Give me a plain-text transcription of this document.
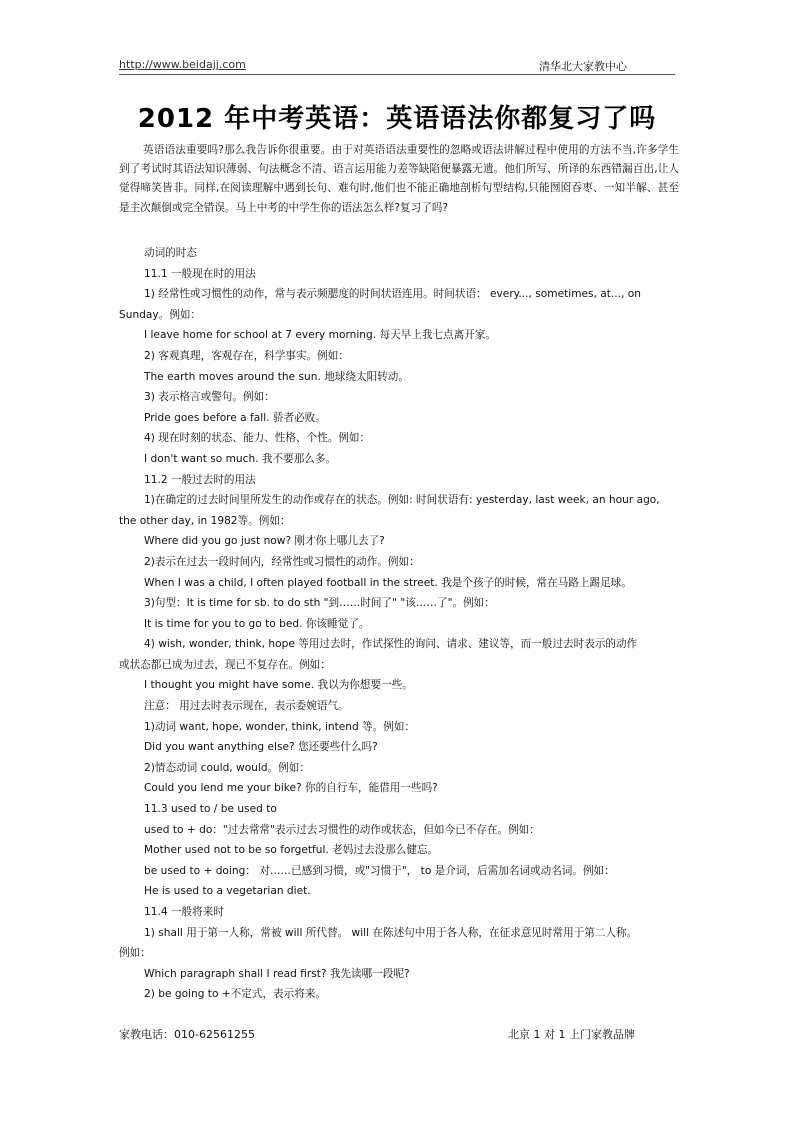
http://www.beidajj.com	清华北大家教中心
2012 年中考英语：英语语法你都复习了吗

英语语法重要吗?那么我告诉你很重要。由于对英语语法重要性的忽略或语法讲解过程中使用的方法不当,许多学生到了考试时其语法知识薄弱、句法概念不清、语言运用能力差等缺陷便暴露无遗。他们所写、所译的东西错漏百出,让人觉得啼笑皆非。同样,在阅读理解中遇到长句、难句时,他们也不能正确地剖析句型结构,只能囫囵吞枣、一知半解、甚至是主次颠倒或完全错误。马上中考的中学生你的语法怎么样?复习了吗?

动词的时态
11.1 一般现在时的用法
1) 经常性或习惯性的动作，常与表示频腮度的时间状语连用。时间状语： every..., sometimes, at..., on
Sunday。例如：
I leave home for school at 7 every morning. 每天早上我七点离开家。
2) 客观真理，客观存在，科学事实。例如：
The earth moves around the sun. 地球绕太阳转动。
3) 表示格言或警句。例如：
Pride goes before a fall. 骄者必败。
4) 现在时刻的状态、能力、性格、个性。例如：
I don't want so much. 我不要那么多。
11.2 一般过去时的用法
1)在确定的过去时间里所发生的动作或存在的状态。例如: 时间状语有: yesterday, last week, an hour ago,
the other day, in 1982等。例如：
Where did you go just now? 刚才你上哪儿去了?
2)表示在过去一段时间内，经常性或习惯性的动作。例如：
When I was a child, I often played football in the street. 我是个孩子的时候，常在马路上踢足球。
3)句型：It is time for sb. to do sth "到……时间了" "该……了"。例如：
It is time for you to go to bed. 你该睡觉了。
4) wish, wonder, think, hope 等用过去时，作试探性的询问、请求、建议等，而一般过去时表示的动作
或状态都已成为过去，现已不复存在。例如：
I thought you might have some. 我以为你想要一些。
注意： 用过去时表示现在，表示委婉语气。
1)动词 want, hope, wonder, think, intend 等。例如：
Did you want anything else? 您还要些什么吗?
2)情态动词 could, would。例如：
Could you lend me your bike? 你的自行车，能借用一些吗?
11.3 used to / be used to
used to + do："过去常常"表示过去习惯性的动作或状态，但如今已不存在。例如：
Mother used not to be so forgetful. 老妈过去没那么健忘。
be used to + doing： 对……已感到习惯，或"习惯于"， to 是介词，后需加名词或动名词。例如：
He is used to a vegetarian diet.
11.4 一般将来时
1) shall 用于第一人称，常被 will 所代替。 will 在陈述句中用于各人称，在征求意见时常用于第二人称。
例如：
Which paragraph shall I read first? 我先读哪一段呢?
2) be going to +不定式，表示将来。
家教电话：010-62561255	北京 1 对 1 上门家教品牌
